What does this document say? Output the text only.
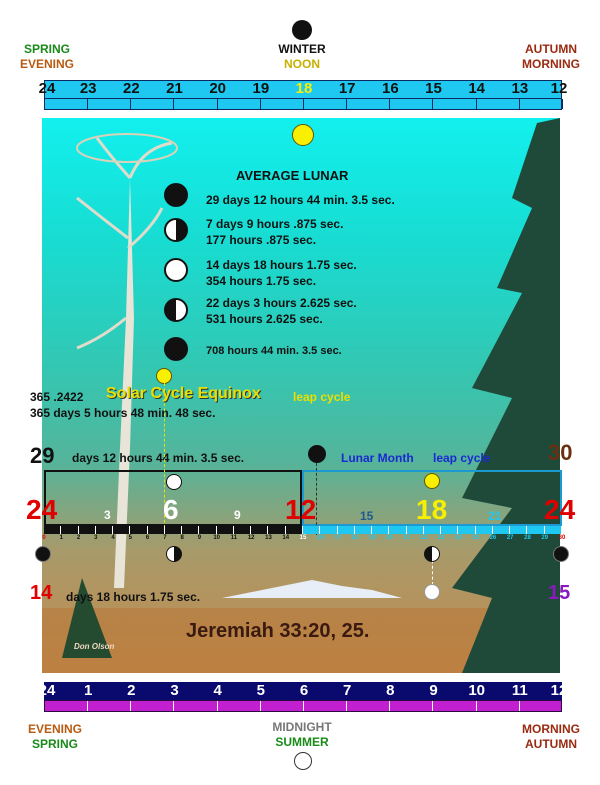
SPRING
EVENING
WINTER
NOON
AUTUMN
MORNING
24 23 22 21 20 19 18 17 16 15 14 13 12
AVERAGE LUNAR
29 days 12 hours 44 min. 3.5 sec.
7 days 9 hours .875 sec.
177 hours .875 sec.
14 days 18 hours 1.75 sec.
354 hours 1.75 sec.
22 days 3 hours 2.625 sec.
531 hours 2.625 sec.
708 hours 44 min. 3.5 sec.
365 .2422 Solar Cycle Equinox	leap cycle
365 days 5 hours 48 min. 48 sec.
29 days 12 hours 44 min. 3.5 sec.	Lunar Month leap cycle	30
24	3 6	9 12	15 18	21 24
0 1 2 3 4 5 6 7 8 9 10 11 12 13 14 15 16 17 18 19 20 21 22 23 24 25 26 27 28 29 30
14 days 18 hours 1.75 sec.	15
Jeremiah 33:20, 25.
Don Olson
24 1 2 3 4 5 6 7 8 9 10 11 12
EVENING
SPRING
MIDNIGHT
SUMMER
MORNING
AUTUMN
